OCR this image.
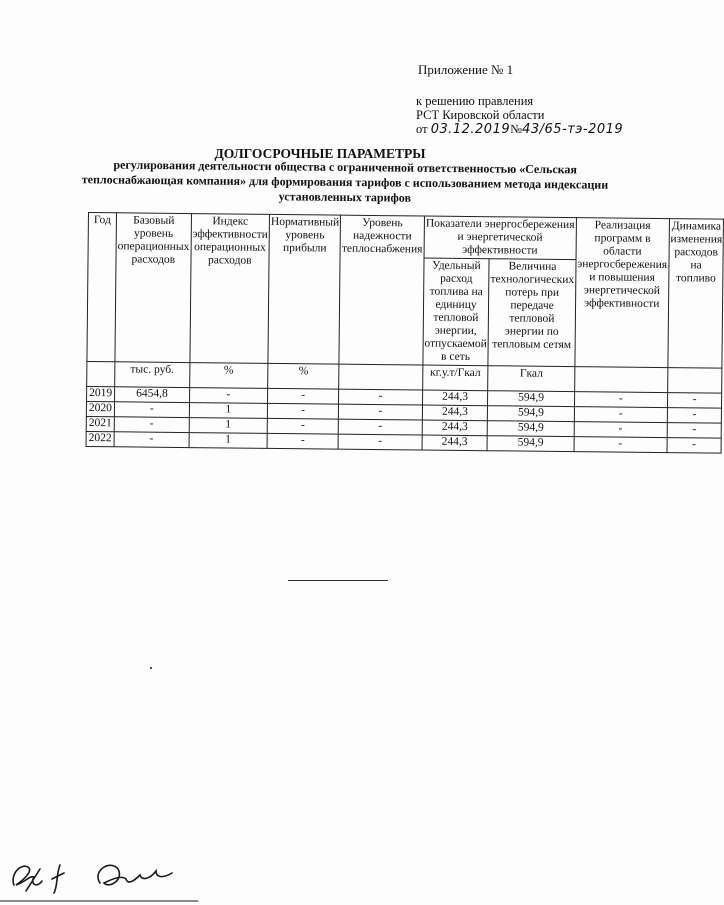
Приложение № 1
к решению правления
РСТ Кировской области
от 03.12.2019№43/65-тэ-2019
ДОЛГОСРОЧНЫЕ ПАРАМЕТРЫ
регулирования деятельности общества с ограниченной ответственностью «Сельская теплоснабжающая компания» для формирования тарифов с использованием метода индексации установленных тарифов
Год	Базовый уровень операционных расходов	Индекс эффективности операционных расходов	Нормативный уровень прибыли	Уровень надежности теплоснабжения	Показатели энергосбережения и энергетической эффективности		Реализация программ в области энергосбережения и повышения энергетической эффективности	Динамика изменения расходов на топливо
					Удельный расход топлива на единицу тепловой энергии, отпускаемой в сеть	Величина технологических потерь при передаче тепловой энергии по тепловым сетям		
	тыс. руб.	%	%		кг.у.т/Гкал	Гкал		
2019	6454,8	-	-	-	244,3	594,9	-	-
2020	-	1	-	-	244,3	594,9	-	-
2021	-	1	-	-	244,3	594,9	-	-
2022	-	1	-	-	244,3	594,9	-	-
